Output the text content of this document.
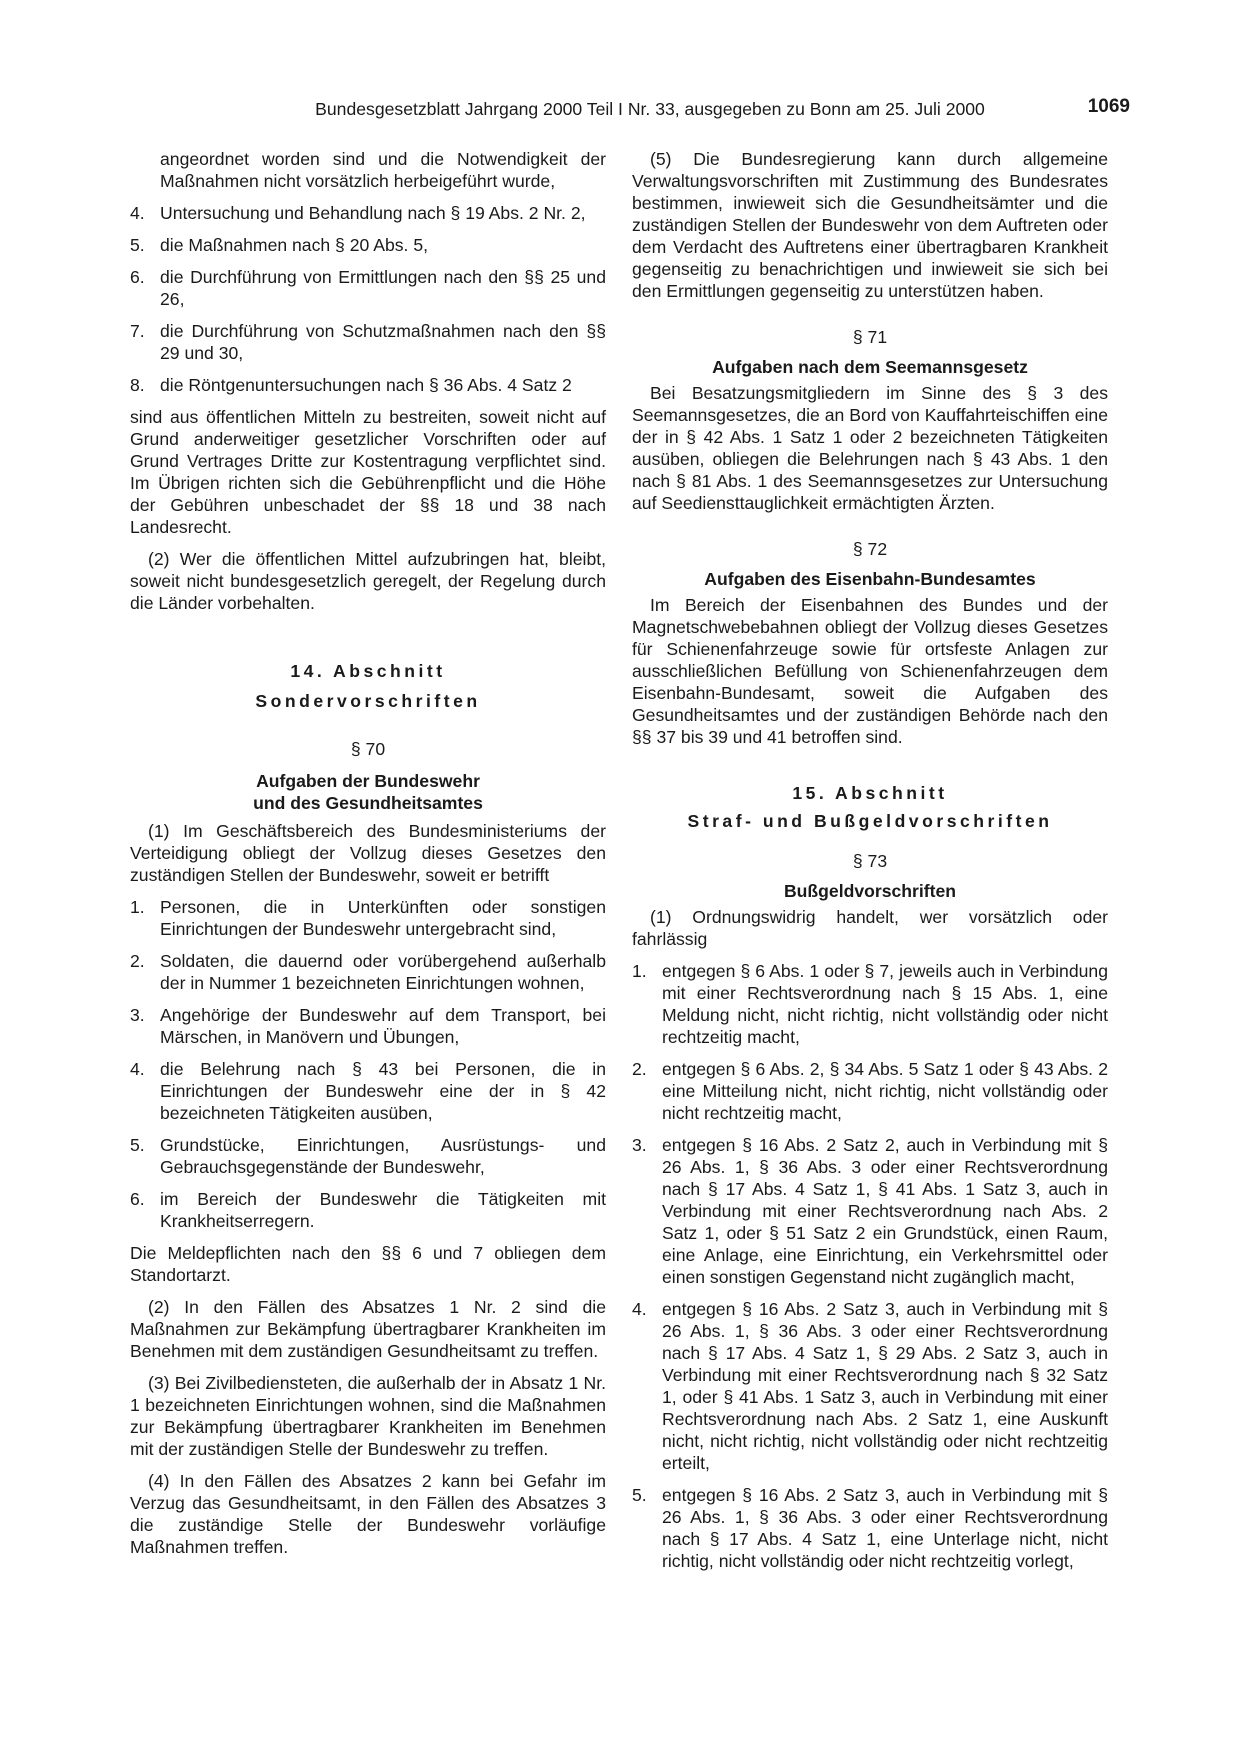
Bundesgesetzblatt Jahrgang 2000 Teil I Nr. 33, ausgegeben zu Bonn am 25. Juli 2000	1069

angeordnet worden sind und die Notwendigkeit der Maßnahmen nicht vorsätzlich herbeigeführt wurde,

4. Untersuchung und Behandlung nach § 19 Abs. 2 Nr. 2,
5. die Maßnahmen nach § 20 Abs. 5,
6. die Durchführung von Ermittlungen nach den §§ 25 und 26,
7. die Durchführung von Schutzmaßnahmen nach den §§ 29 und 30,
8. die Röntgenuntersuchungen nach § 36 Abs. 4 Satz 2

sind aus öffentlichen Mitteln zu bestreiten, soweit nicht auf Grund anderweitiger gesetzlicher Vorschriften oder auf Grund Vertrages Dritte zur Kostentragung verpflichtet sind. Im Übrigen richten sich die Gebührenpflicht und die Höhe der Gebühren unbeschadet der §§ 18 und 38 nach Landesrecht.

(2) Wer die öffentlichen Mittel aufzubringen hat, bleibt, soweit nicht bundesgesetzlich geregelt, der Regelung durch die Länder vorbehalten.

14. Abschnitt
Sondervorschriften
§ 70
Aufgaben der Bundeswehr
und des Gesundheitsamtes

(1) Im Geschäftsbereich des Bundesministeriums der Verteidigung obliegt der Vollzug dieses Gesetzes den zuständigen Stellen der Bundeswehr, soweit er betrifft

1. Personen, die in Unterkünften oder sonstigen Einrichtungen der Bundeswehr untergebracht sind,
2. Soldaten, die dauernd oder vorübergehend außerhalb der in Nummer 1 bezeichneten Einrichtungen wohnen,
3. Angehörige der Bundeswehr auf dem Transport, bei Märschen, in Manövern und Übungen,
4. die Belehrung nach § 43 bei Personen, die in Einrichtungen der Bundeswehr eine der in § 42 bezeichneten Tätigkeiten ausüben,
5. Grundstücke, Einrichtungen, Ausrüstungs- und Gebrauchsgegenstände der Bundeswehr,
6. im Bereich der Bundeswehr die Tätigkeiten mit Krankheitserregern.

Die Meldepflichten nach den §§ 6 und 7 obliegen dem Standortarzt.

(2) In den Fällen des Absatzes 1 Nr. 2 sind die Maßnahmen zur Bekämpfung übertragbarer Krankheiten im Benehmen mit dem zuständigen Gesundheitsamt zu treffen.

(3) Bei Zivilbediensteten, die außerhalb der in Absatz 1 Nr. 1 bezeichneten Einrichtungen wohnen, sind die Maßnahmen zur Bekämpfung übertragbarer Krankheiten im Benehmen mit der zuständigen Stelle der Bundeswehr zu treffen.

(4) In den Fällen des Absatzes 2 kann bei Gefahr im Verzug das Gesundheitsamt, in den Fällen des Absatzes 3 die zuständige Stelle der Bundeswehr vorläufige Maßnahmen treffen.

(5) Die Bundesregierung kann durch allgemeine Verwaltungsvorschriften mit Zustimmung des Bundesrates bestimmen, inwieweit sich die Gesundheitsämter und die zuständigen Stellen der Bundeswehr von dem Auftreten oder dem Verdacht des Auftretens einer übertragbaren Krankheit gegenseitig zu benachrichtigen und inwieweit sie sich bei den Ermittlungen gegenseitig zu unterstützen haben.

§ 71
Aufgaben nach dem Seemannsgesetz

Bei Besatzungsmitgliedern im Sinne des § 3 des Seemannsgesetzes, die an Bord von Kauffahrteischiffen eine der in § 42 Abs. 1 Satz 1 oder 2 bezeichneten Tätigkeiten ausüben, obliegen die Belehrungen nach § 43 Abs. 1 den nach § 81 Abs. 1 des Seemannsgesetzes zur Untersuchung auf Seediensttauglichkeit ermächtigten Ärzten.

§ 72
Aufgaben des Eisenbahn-Bundesamtes

Im Bereich der Eisenbahnen des Bundes und der Magnetschwebebahnen obliegt der Vollzug dieses Gesetzes für Schienenfahrzeuge sowie für ortsfeste Anlagen zur ausschließlichen Befüllung von Schienenfahrzeugen dem Eisenbahn-Bundesamt, soweit die Aufgaben des Gesundheitsamtes und der zuständigen Behörde nach den §§ 37 bis 39 und 41 betroffen sind.

15. Abschnitt
Straf- und Bußgeldvorschriften
§ 73
Bußgeldvorschriften

(1) Ordnungswidrig handelt, wer vorsätzlich oder fahrlässig

1. entgegen § 6 Abs. 1 oder § 7, jeweils auch in Verbindung mit einer Rechtsverordnung nach § 15 Abs. 1, eine Meldung nicht, nicht richtig, nicht vollständig oder nicht rechtzeitig macht,
2. entgegen § 6 Abs. 2, § 34 Abs. 5 Satz 1 oder § 43 Abs. 2 eine Mitteilung nicht, nicht richtig, nicht vollständig oder nicht rechtzeitig macht,
3. entgegen § 16 Abs. 2 Satz 2, auch in Verbindung mit § 26 Abs. 1, § 36 Abs. 3 oder einer Rechtsverordnung nach § 17 Abs. 4 Satz 1, § 41 Abs. 1 Satz 3, auch in Verbindung mit einer Rechtsverordnung nach Abs. 2 Satz 1, oder § 51 Satz 2 ein Grundstück, einen Raum, eine Anlage, eine Einrichtung, ein Verkehrsmittel oder einen sonstigen Gegenstand nicht zugänglich macht,
4. entgegen § 16 Abs. 2 Satz 3, auch in Verbindung mit § 26 Abs. 1, § 36 Abs. 3 oder einer Rechtsverordnung nach § 17 Abs. 4 Satz 1, § 29 Abs. 2 Satz 3, auch in Verbindung mit einer Rechtsverordnung nach § 32 Satz 1, oder § 41 Abs. 1 Satz 3, auch in Verbindung mit einer Rechtsverordnung nach Abs. 2 Satz 1, eine Auskunft nicht, nicht richtig, nicht vollständig oder nicht rechtzeitig erteilt,
5. entgegen § 16 Abs. 2 Satz 3, auch in Verbindung mit § 26 Abs. 1, § 36 Abs. 3 oder einer Rechtsverordnung nach § 17 Abs. 4 Satz 1, eine Unterlage nicht, nicht richtig, nicht vollständig oder nicht rechtzeitig vorlegt,
